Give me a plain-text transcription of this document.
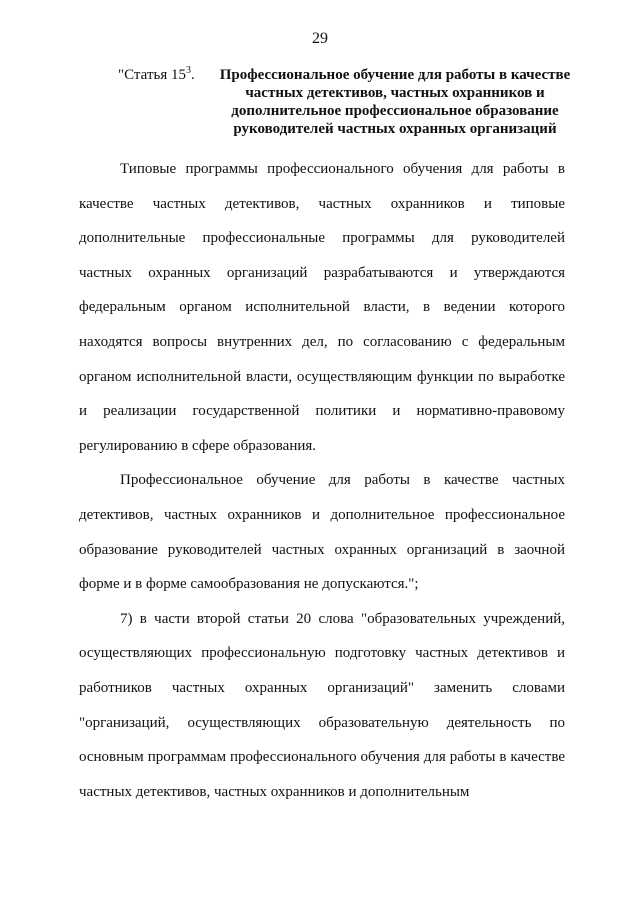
29
"Статья $15^3$.	Профессиональное обучение для работы в качестве частных детективов, частных охранников и дополнительное профессиональное образование руководителей частных охранных организаций

Типовые программы профессионального обучения для работы в качестве частных детективов, частных охранников и типовые дополнительные профессиональные программы для руководителей частных охранных организаций разрабатываются и утверждаются федеральным органом исполнительной власти, в ведении которого находятся вопросы внутренних дел, по согласованию с федеральным органом исполнительной власти, осуществляющим функции по выработке и реализации государственной политики и нормативно-правовому регулированию в сфере образования.

Профессиональное обучение для работы в качестве частных детективов, частных охранников и дополнительное профессиональное образование руководителей частных охранных организаций в заочной форме и в форме самообразования не допускаются.";

7) в части второй статьи 20 слова "образовательных учреждений, осуществляющих профессиональную подготовку частных детективов и работников частных охранных организаций" заменить словами "организаций, осуществляющих образовательную деятельность по основным программам профессионального обучения для работы в качестве частных детективов, частных охранников и дополнительным
